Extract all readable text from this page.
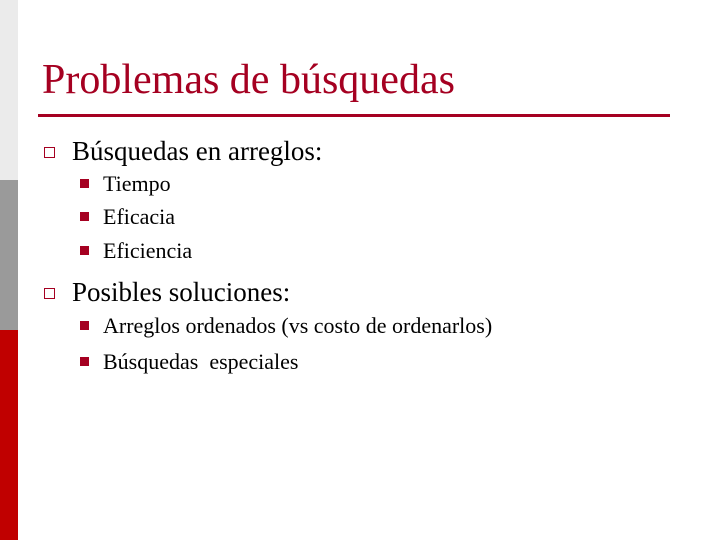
Problemas de búsquedas
Búsquedas en arreglos:
Tiempo
Eficacia
Eficiencia
Posibles soluciones:
Arreglos ordenados (vs costo de ordenarlos)
Búsquedas  especiales
